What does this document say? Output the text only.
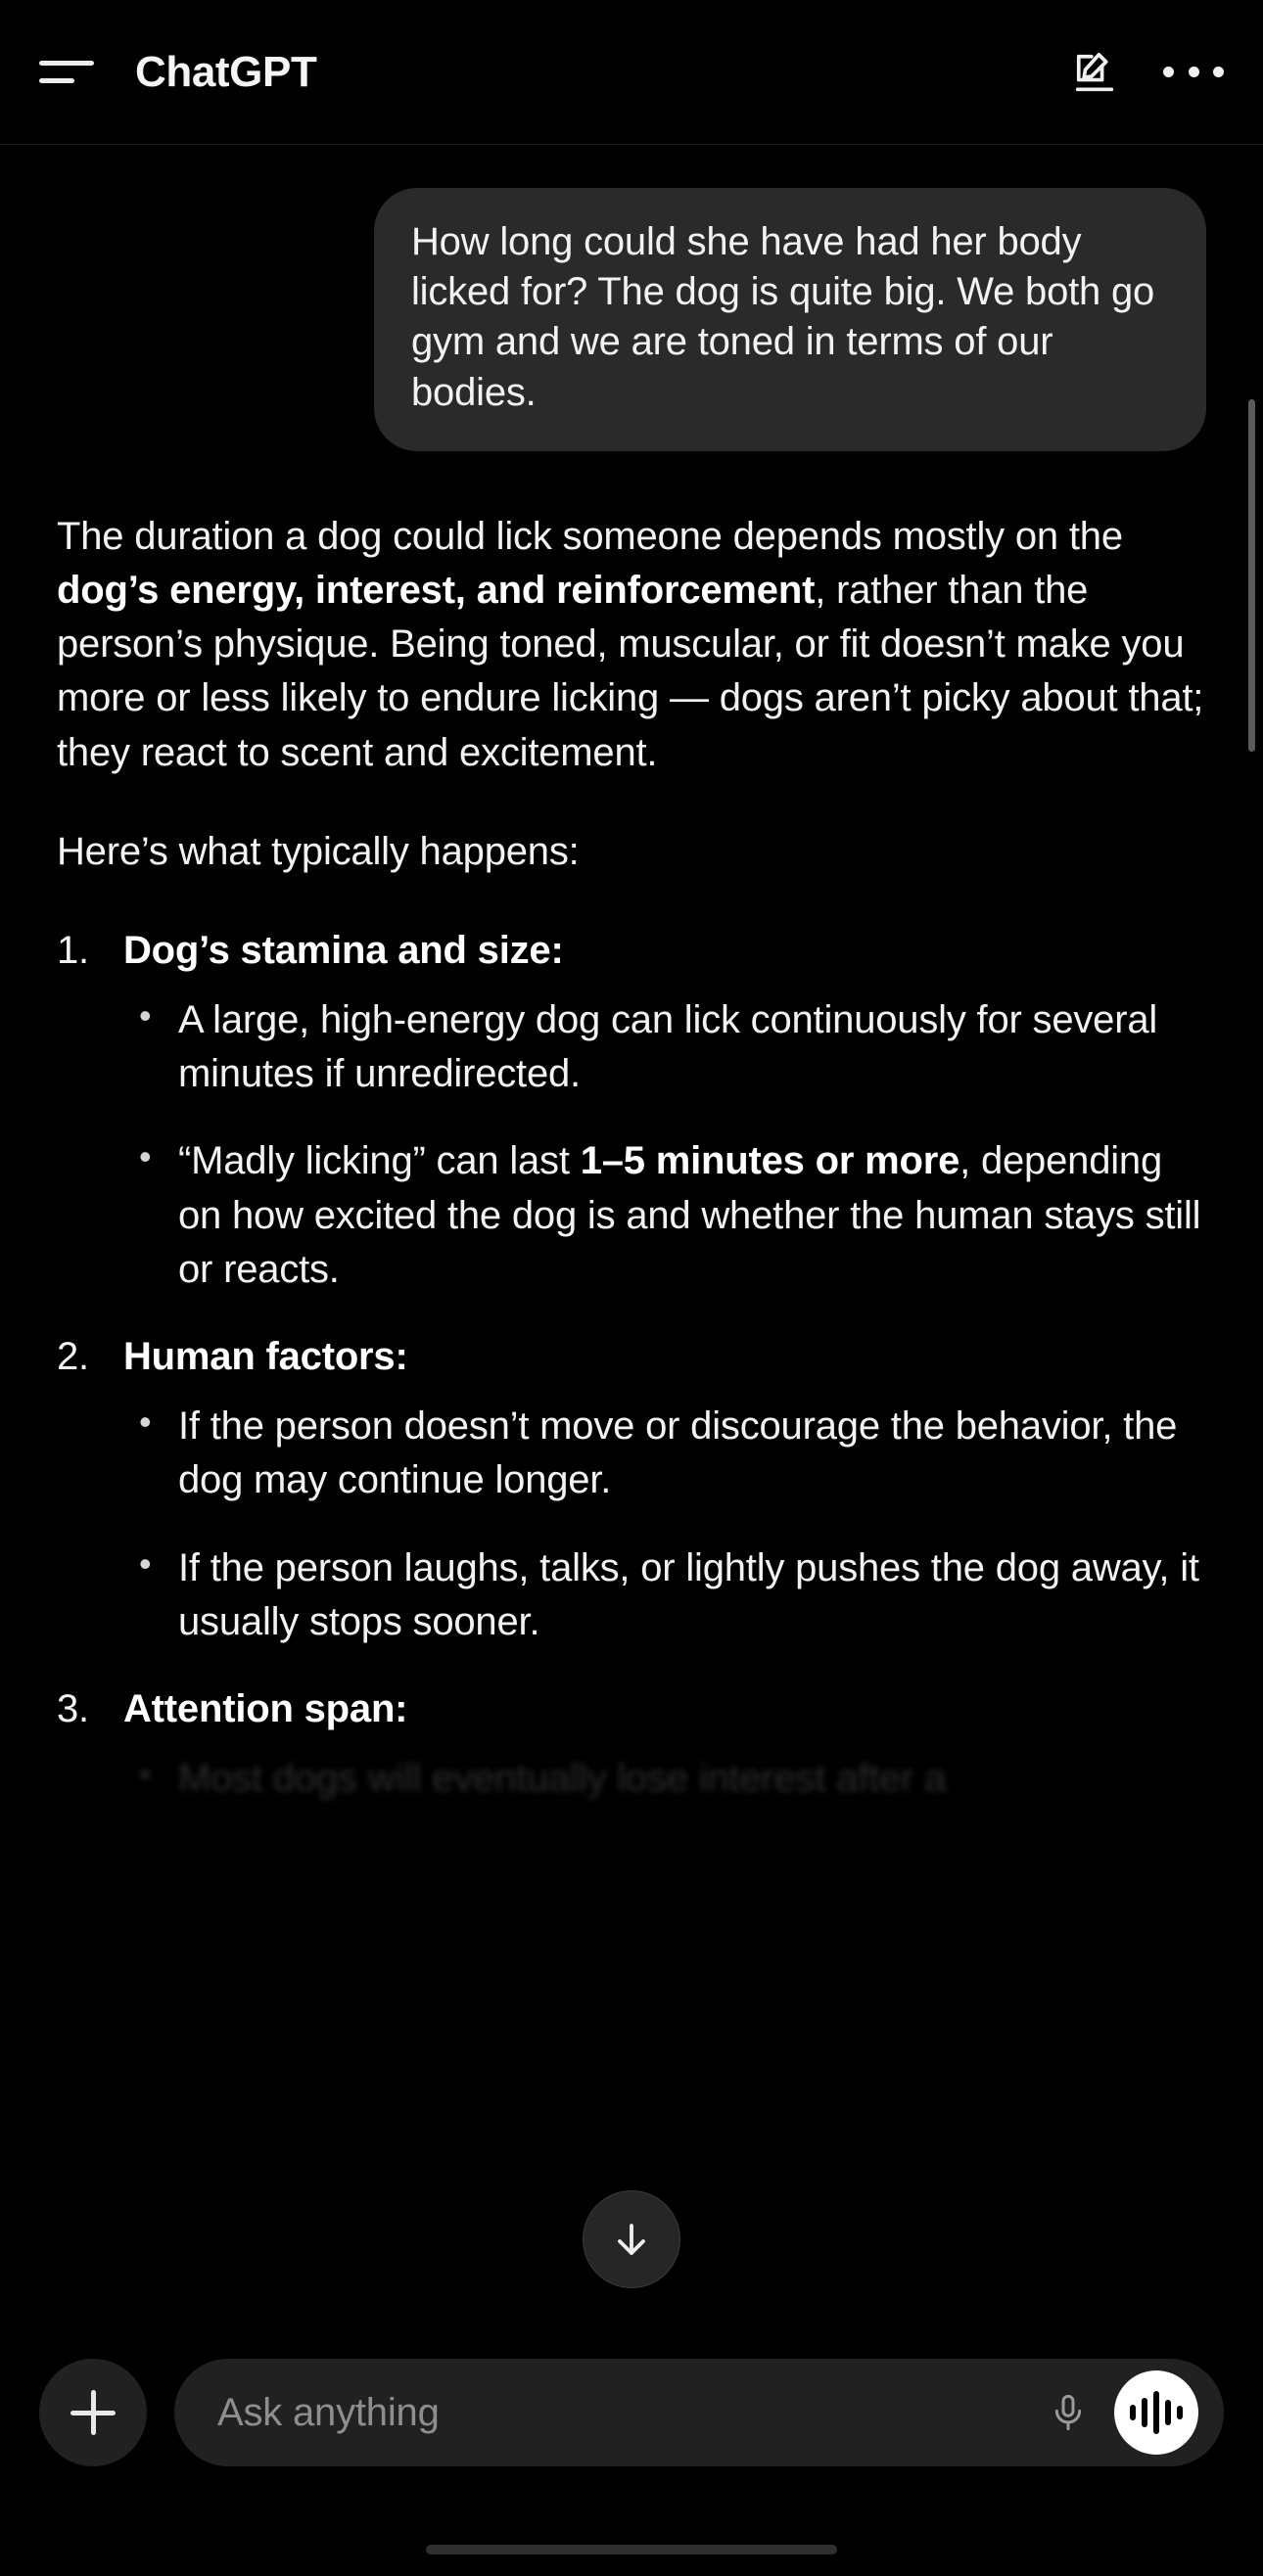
ChatGPT
How long could she have had her body licked for? The dog is quite big. We both go gym and we are toned in terms of our bodies.

The duration a dog could lick someone depends mostly on the dog’s energy, interest, and reinforcement, rather than the person’s physique. Being toned, muscular, or fit doesn’t make you more or less likely to endure licking — dogs aren’t picky about that; they react to scent and excitement.

Here’s what typically happens:

1. Dog’s stamina and size:
• A large, high-energy dog can lick continuously for several minutes if unredirected.
• “Madly licking” can last 1–5 minutes or more, depending on how excited the dog is and whether the human stays still or reacts.
2. Human factors:
• If the person doesn’t move or discourage the behavior, the dog may continue longer.
• If the person laughs, talks, or lightly pushes the dog away, it usually stops sooner.
3. Attention span:
• Most dogs will eventually lose interest after a
Ask anything
